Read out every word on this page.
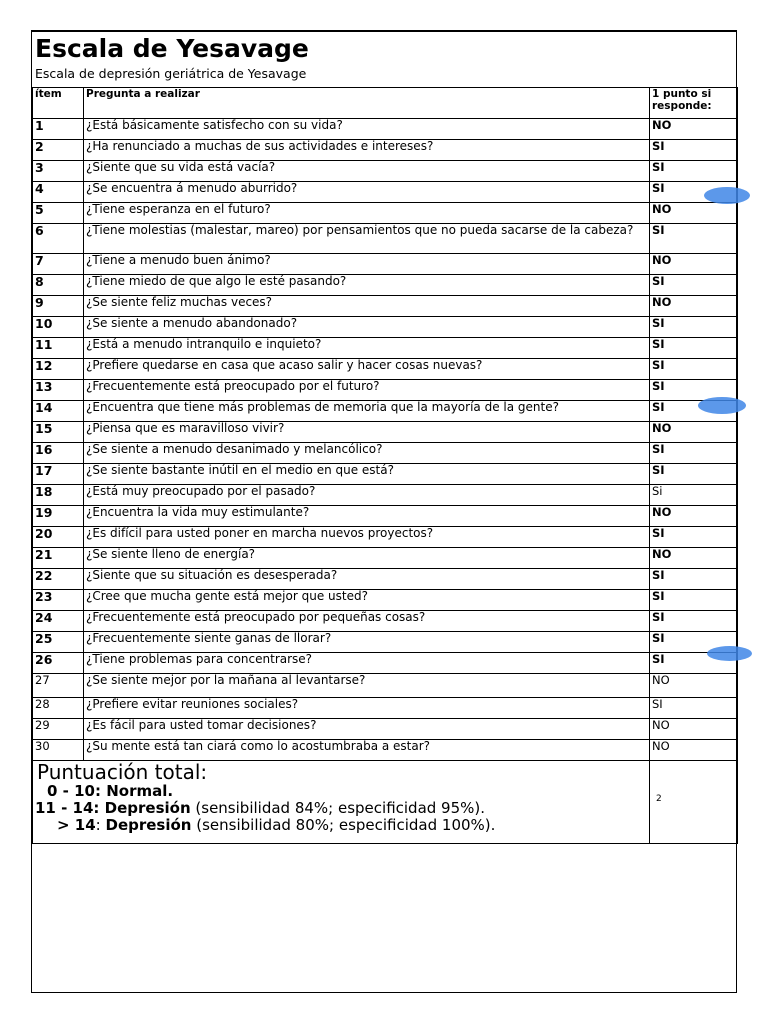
Escala de Yesavage
Escala de depresión geriátrica de Yesavage
ítem	Pregunta a realizar	1 punto si responde:
1	¿Está básicamente satisfecho con su vida?	NO
2	¿Ha renunciado a muchas de sus actividades e intereses?	SI
3	¿Siente que su vida está vacía?	SI
4	¿Se encuentra á menudo aburrido?	SI
5	¿Tiene esperanza en el futuro?	NO
6	¿Tiene molestias (malestar, mareo) por pensamientos que no pueda sacarse de la cabeza?	SI
7	¿Tiene a menudo buen ánimo?	NO
8	¿Tiene miedo de que algo le esté pasando?	SI
9	¿Se siente feliz muchas veces?	NO
10	¿Se siente a menudo abandonado?	SI
11	¿Está a menudo intranquilo e inquieto?	SI
12	¿Prefiere quedarse en casa que acaso salir y hacer cosas nuevas?	SI
13	¿Frecuentemente está preocupado por el futuro?	SI
14	¿Encuentra que tiene más problemas de memoria que la mayoría de la gente?	SI
15	¿Piensa que es maravilloso vivir?	NO
16	¿Se siente a menudo desanimado y melancólico?	SI
17	¿Se siente bastante inútil en el medio en que está?	SI
18	¿Está muy preocupado por el pasado?	Si
19	¿Encuentra la vida muy estimulante?	NO
20	¿Es difícil para usted poner en marcha nuevos proyectos?	SI
21	¿Se siente lleno de energía?	NO
22	¿Siente que su situación es desesperada?	SI
23	¿Cree que mucha gente está mejor que usted?	SI
24	¿Frecuentemente está preocupado por pequeñas cosas?	SI
25	¿Frecuentemente siente ganas de llorar?	SI
26	¿Tiene problemas para concentrarse?	SI
27	¿Se siente mejor por la mañana al levantarse?	NO
28	¿Prefiere evitar reuniones sociales?	SI
29	¿Es fácil para usted tomar decisiones?	NO
30	¿Su mente está tan ciará como lo acostumbraba a estar?	NO

Puntuación total:
0 - 10: Normal.
11 - 14: Depresión (sensibilidad 84%; especificidad 95%).
> 14: Depresión (sensibilidad 80%; especificidad 100%).		2
